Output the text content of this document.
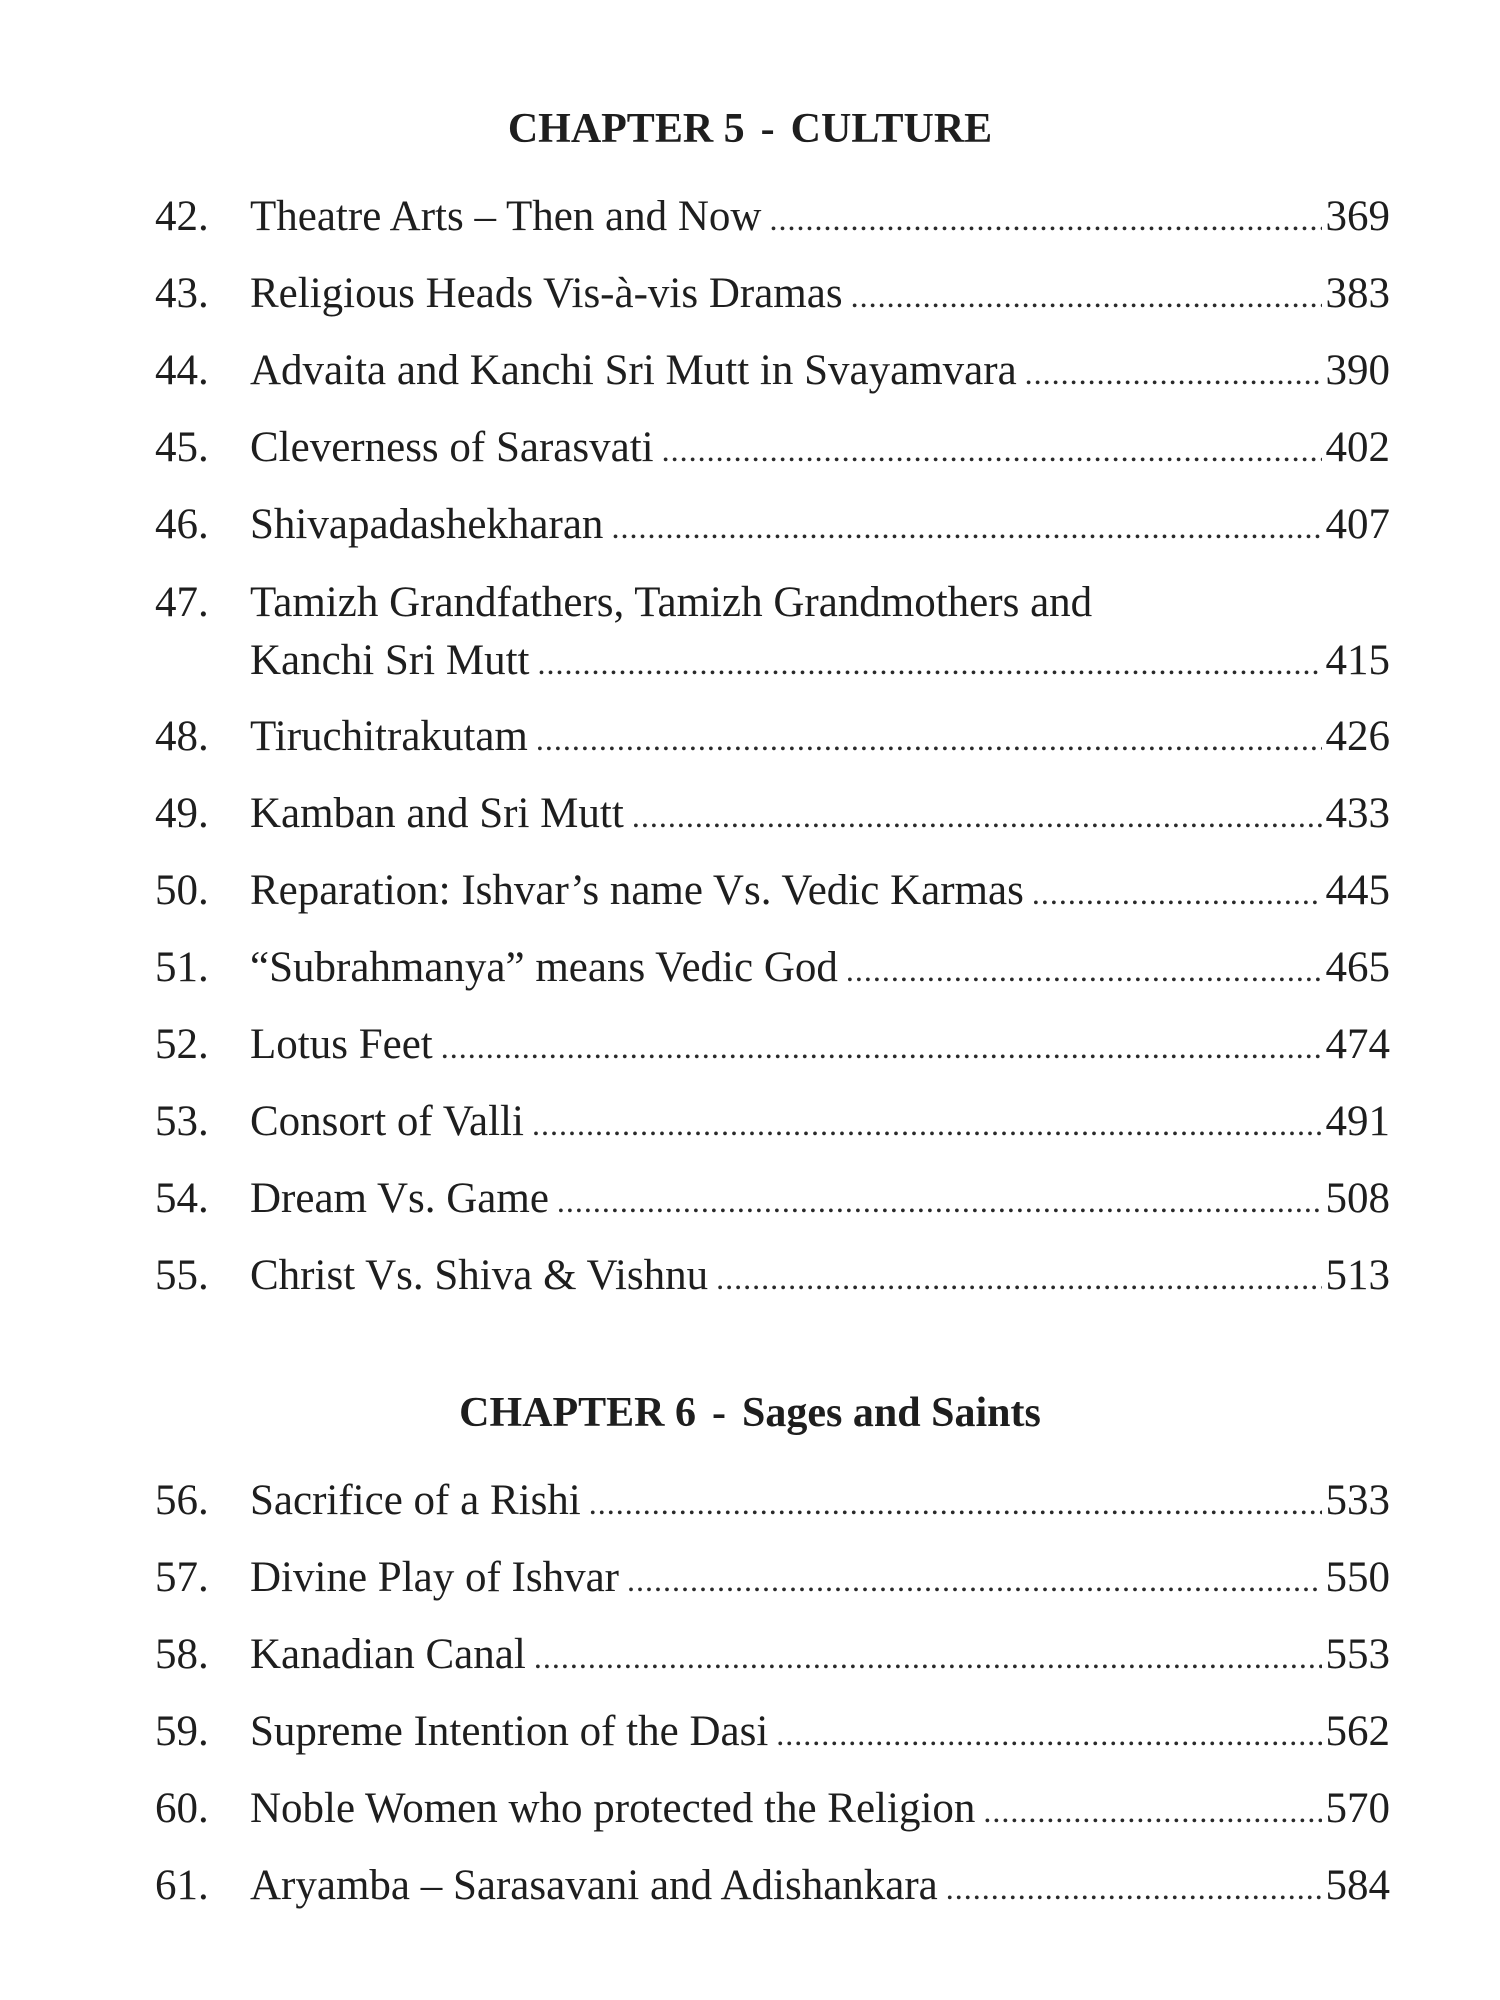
CHAPTER 5 - CULTURE
42. Theatre Arts – Then and Now .....	369
43. Religious Heads Vis-à-vis Dramas .....	383
44. Advaita and Kanchi Sri Mutt in Svayamvara .....	390
45. Cleverness of Sarasvati .....	402
46. Shivapadashekharan .....	407
47. Tamizh Grandfathers, Tamizh Grandmothers and
Kanchi Sri Mutt .....	415
48. Tiruchitrakutam .....	426
49. Kamban and Sri Mutt .....	433
50. Reparation: Ishvar’s name Vs. Vedic Karmas .....	445
51. “Subrahmanya” means Vedic God .....	465
52. Lotus Feet .....	474
53. Consort of Valli .....	491
54. Dream Vs. Game .....	508
55. Christ Vs. Shiva & Vishnu .....	513
CHAPTER 6 - Sages and Saints
56. Sacrifice of a Rishi .....	533
57. Divine Play of Ishvar .....	550
58. Kanadian Canal .....	553
59. Supreme Intention of the Dasi .....	562
60. Noble Women who protected the Religion .....	570
61. Aryamba – Sarasavani and Adishankara .....	584
